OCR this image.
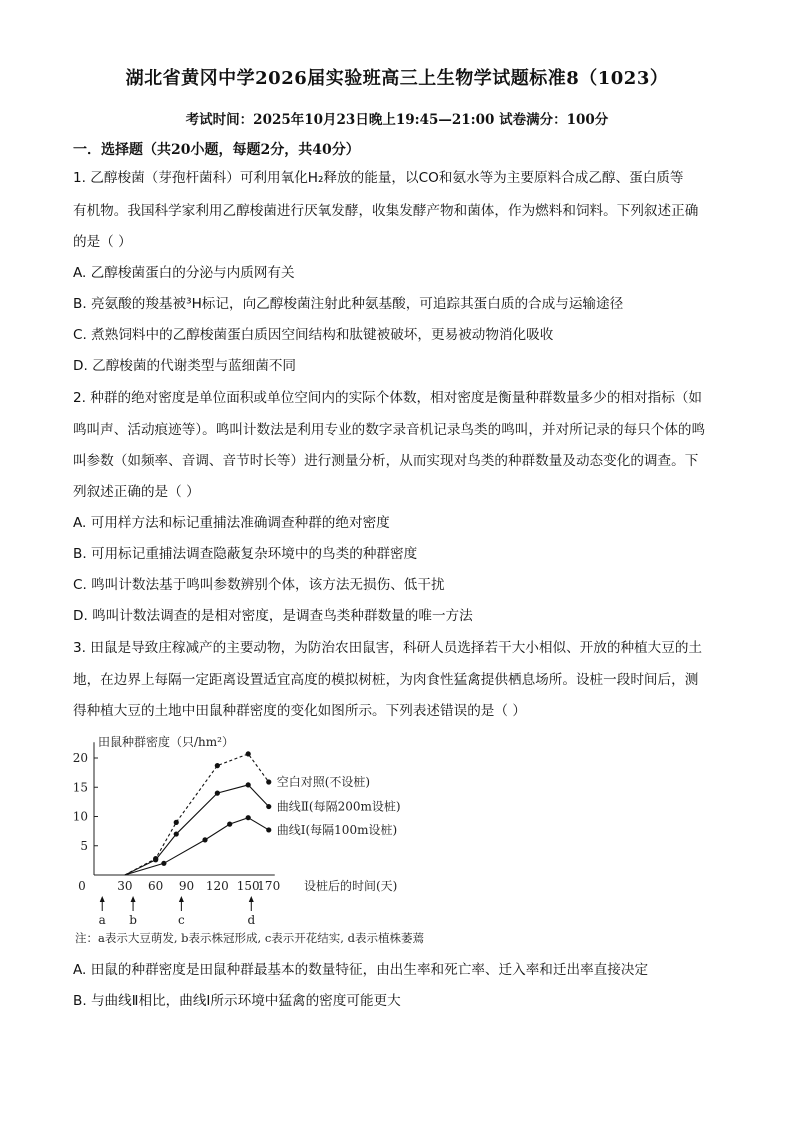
湖北省黄冈中学2026届实验班高三上生物学试题标准8（1023）
考试时间：2025年10月23日晚上19:45—21:00 试卷满分：100分
一．选择题（共20小题，每题2分，共40分）
1. 乙醇梭菌（芽孢杆菌科）可利用氧化H₂释放的能量，以CO和氨水等为主要原料合成乙醇、蛋白质等
有机物。我国科学家利用乙醇梭菌进行厌氧发酵，收集发酵产物和菌体，作为燃料和饲料。下列叙述正确
的是（ ）
A. 乙醇梭菌蛋白的分泌与内质网有关
B. 亮氨酸的羧基被³H标记，向乙醇梭菌注射此种氨基酸，可追踪其蛋白质的合成与运输途径
C. 煮熟饲料中的乙醇梭菌蛋白质因空间结构和肽键被破坏，更易被动物消化吸收
D. 乙醇梭菌的代谢类型与蓝细菌不同
2. 种群的绝对密度是单位面积或单位空间内的实际个体数，相对密度是衡量种群数量多少的相对指标（如
鸣叫声、活动痕迹等）。鸣叫计数法是利用专业的数字录音机记录鸟类的鸣叫，并对所记录的每只个体的鸣
叫参数（如频率、音调、音节时长等）进行测量分析，从而实现对鸟类的种群数量及动态变化的调查。下
列叙述正确的是（ ）
A. 可用样方法和标记重捕法准确调查种群的绝对密度
B. 可用标记重捕法调查隐蔽复杂环境中的鸟类的种群密度
C. 鸣叫计数法基于鸣叫参数辨别个体，该方法无损伤、低干扰
D. 鸣叫计数法调查的是相对密度，是调查鸟类种群数量的唯一方法
3. 田鼠是导致庄稼减产的主要动物，为防治农田鼠害，科研人员选择若干大小相似、开放的种植大豆的土
地，在边界上每隔一定距离设置适宜高度的模拟树桩，为肉食性猛禽提供栖息场所。设桩一段时间后，测
得种植大豆的土地中田鼠种群密度的变化如图所示。下列表述错误的是（ ）
5
10
15
20
0	30 60 90 120 150
170
空白对照(不设桩)
曲线Ⅱ(每隔200m设桩)
曲线Ⅰ(每隔100m设桩)
a b	c	d
田鼠种群密度（只/hm²）
设桩后的时间(天)
注：a表示大豆萌发, b表示株冠形成, c表示开花结实, d表示植株萎蔫
A. 田鼠的种群密度是田鼠种群最基本的数量特征，由出生率和死亡率、迁入率和迁出率直接决定
B. 与曲线Ⅱ相比，曲线Ⅰ所示环境中猛禽的密度可能更大
